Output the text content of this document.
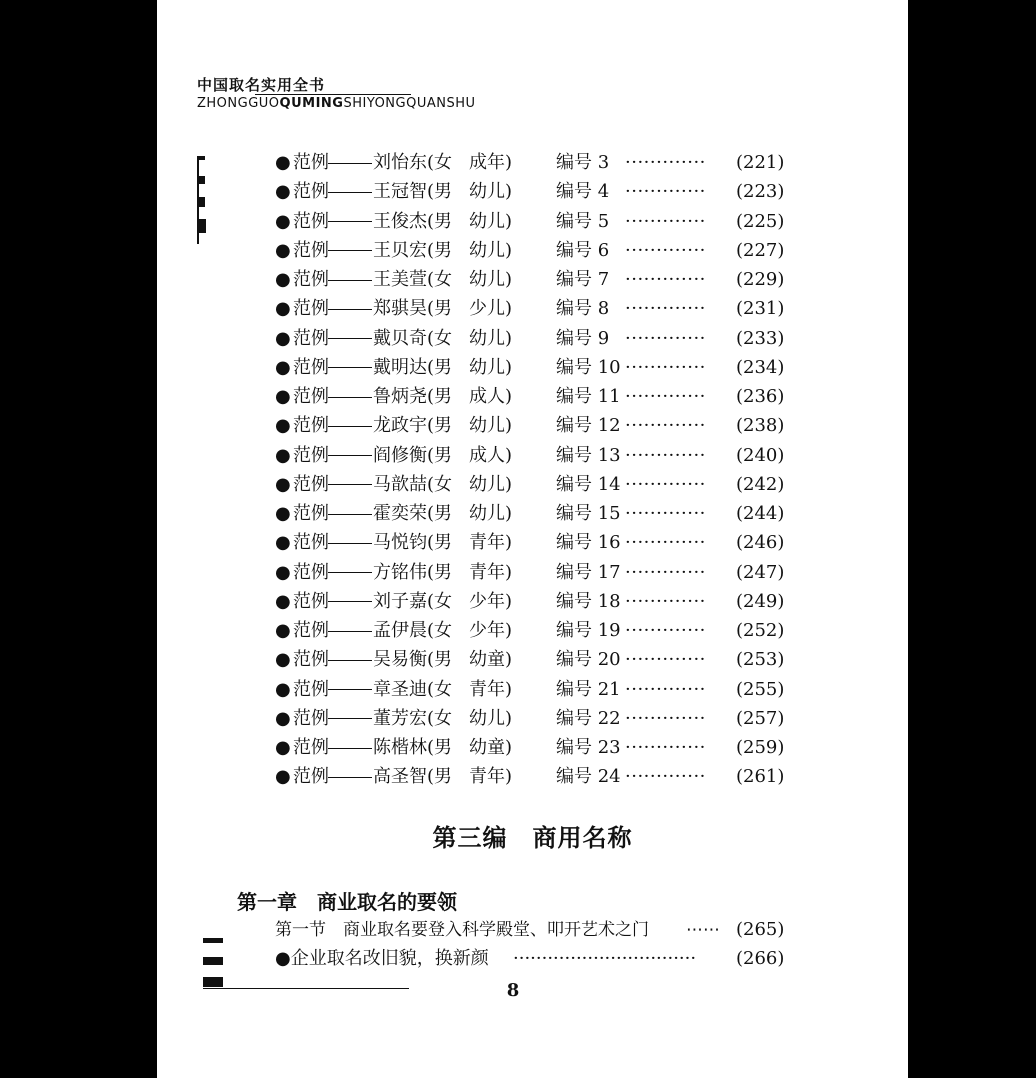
中国取名实用全书
ZHONGGUOQUMINGSHIYONGQUANSHU
● 范例 刘怡东(女 成年) 编号 3 ············· (221)
● 范例 王冠智(男 幼儿) 编号 4 ············· (223)
● 范例 王俊杰(男 幼儿) 编号 5 ············· (225)
● 范例 王贝宏(男 幼儿) 编号 6 ············· (227)
● 范例 王美萱(女 幼儿) 编号 7 ············· (229)
● 范例 郑骐昊(男 少儿) 编号 8 ············· (231)
● 范例 戴贝奇(女 幼儿) 编号 9 ············· (233)
● 范例 戴明达(男 幼儿) 编号 10 ············· (234)
● 范例 鲁炳尧(男 成人) 编号 11 ············· (236)
● 范例 龙政宇(男 幼儿) 编号 12 ············· (238)
● 范例 阎修衡(男 成人) 编号 13 ············· (240)
● 范例 马歆喆(女 幼儿) 编号 14 ············· (242)
● 范例 霍奕荣(男 幼儿) 编号 15 ············· (244)
● 范例 马悦钧(男 青年) 编号 16 ············· (246)
● 范例 方铭伟(男 青年) 编号 17 ············· (247)
● 范例 刘子嘉(女 少年) 编号 18 ············· (249)
● 范例 孟伊晨(女 少年) 编号 19 ············· (252)
● 范例 吴易衡(男 幼童) 编号 20 ············· (253)
● 范例 章圣迪(女 青年) 编号 21 ············· (255)
● 范例 董芳宏(女 幼儿) 编号 22 ············· (257)
● 范例 陈楷林(男 幼童) 编号 23 ············· (259)
● 范例 高圣智(男 青年) 编号 24 ············· (261)
第三编　商用名称
第一章　商业取名的要领
第一节　商业取名要登入科学殿堂、叩开艺术之门 ⋯⋯ (265)
●企业取名改旧貌，换新颜 ································ (266)
8
